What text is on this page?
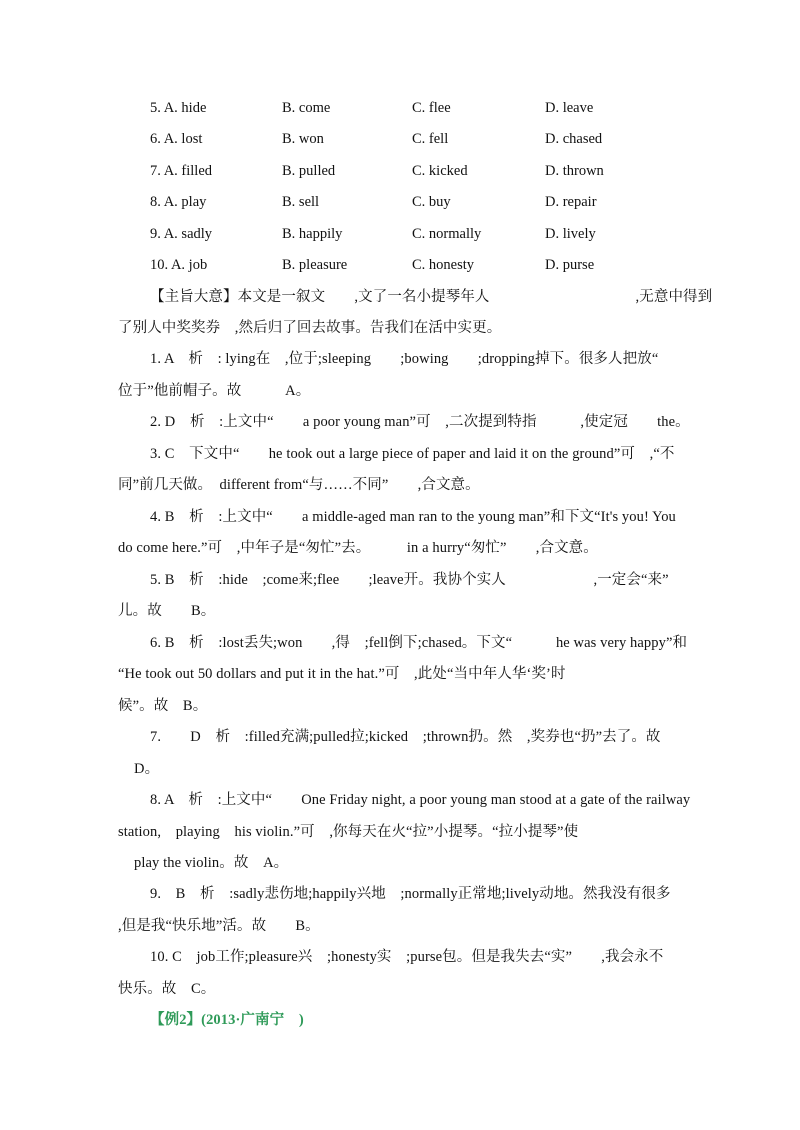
5. A. hide	B. come	C. flee	D. leave
6. A. lost	B. won	C. fell	D. chased
7. A. filled	B. pulled	C. kicked	D. thrown
8. A. play	B. sell	C. buy	D. repair
9. A. sadly	B. happily	C. normally	D. lively
10. A. job	B. pleasure	C. honesty	D. purse
【主旨大意】本文是一叙文　　,文了一名小提琴年人　　　　　　　　　　,无意中得到
了别人中奖奖券　,然后归了回去故事。告我们在活中实更。
1. A　析　: lying在　,位于;sleeping　　;bowing　　;dropping掉下。很多人把放“
位于”他前帽子。故　　　A。
2. D　析　:上文中“　　a poor young man”可　,二次提到特指　　　,使定冠　　the。
3. C　下文中“　　he took out a large piece of paper and laid it on the ground”可　,“不
同”前几天做。　different from“与……不同”　　,合文意。
4. B　析　:上文中“　　a middle-aged man ran to the young man”和下文“It's you! You
do come here.”可　,中年子是“匆忙”去。　　　in a hurry“匆忙”　　,合文意。
5. B　析　:hide　;come来;flee　　;leave开。我协个实人　　　　　　,一定会“来”
儿。故　　B。
6. B　析　:lost丢失;won　　,得　;fell倒下;chased。下文“　　　he was very happy”和
“He took out 50 dollars and put it in the hat.”可　,此处“当中年人华‘奖’时
候”。故　B。
7.　　D　析　:filled充满;pulled拉;kicked　;thrown扔。然　,奖券也“扔”去了。故
D。
8. A　析　:上文中“　　One Friday night, a poor young man stood at a gate of the railway
station,　playing　his violin.”可　,你每天在火“拉”小提琴。“拉小提琴”使
play the violin。故　A。
9.　B　析　:sadly悲伤地;happily兴地　;normally正常地;lively动地。然我没有很多
,但是我“快乐地”活。故　　B。
10. C　job工作;pleasure兴　;honesty实　;purse包。但是我失去“实”　　,我会永不
快乐。故　C。
【例2】(2013·广南宁　)
